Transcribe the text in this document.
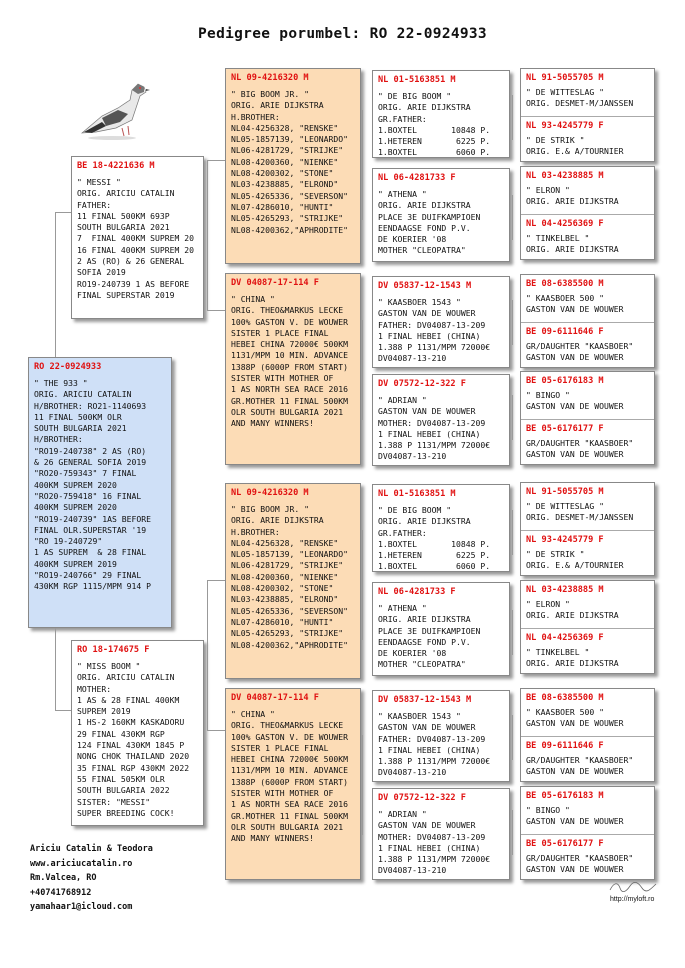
Pedigree porumbel: RO 22-0924933
RO 22-0924933
" THE 933 "
ORIG. ARICIU CATALIN
H/BROTHER: RO21-1140693
11 FINAL 500KM OLR
SOUTH BULGARIA 2021
H/BROTHER:
"RO19-240738" 2 AS (RO)
& 26 GENERAL SOFIA 2019
"RO20-759343" 7 FINAL
400KM SUPREM 2020
"RO20-759418" 16 FINAL
400KM SUPREM 2020
"RO19-240739" 1AS BEFORE
FINAL OLR.SUPERSTAR '19
"RO 19-240729"
1 AS SUPREM  & 28 FINAL
400KM SUPREM 2019
"RO19-240766" 29 FINAL
430KM RGP 1115/MPM 914 P
BE 18-4221636 M
" MESSI "
ORIG. ARICIU CATALIN
FATHER:
11 FINAL 500KM 693P
SOUTH BULGARIA 2021
7  FINAL 400KM SUPREM 20
16 FINAL 400KM SUPREM 20
2 AS (RO) & 26 GENERAL
SOFIA 2019
RO19-240739 1 AS BEFORE
FINAL SUPERSTAR 2019
RO 18-174675 F
" MISS BOOM "
ORIG. ARICIU CATALIN
MOTHER:
1 AS & 28 FINAL 400KM
SUPREM 2019
1 HS-2 160KM KASKADORU
29 FINAL 430KM RGP
124 FINAL 430KM 1845 P
NONG CHOK THAILAND 2020
35 FINAL RGP 430KM 2022
55 FINAL 505KM OLR
SOUTH BULGARIA 2022
SISTER: "MESSI"
SUPER BREEDING COCK!
NL 09-4216320 M
" BIG BOOM JR. "
ORIG. ARIE DIJKSTRA
H.BROTHER:
NL04-4256328, "RENSKE"
NL05-1857139, "LEONARDO"
NL06-4281729, "STRIJKE"
NL08-4200360, "NIENKE"
NL08-4200302, "STONE"
NL03-4238885, "ELROND"
NL05-4265336, "SEVERSON"
NL07-4286010, "HUNTI"
NL05-4265293, "STRIJKE"
NL08-4200362,"APHRODITE"
DV 04087-17-114 F
" CHINA "
ORIG. THEO&MARKUS LECKE
100% GASTON V. DE WOUWER
SISTER 1 PLACE FINAL
HEBEI CHINA 72000€ 500KM
1131/MPM 10 MIN. ADVANCE
1388P (6000P FROM START)
SISTER WITH MOTHER OF
1 AS NORTH SEA RACE 2016
GR.MOTHER 11 FINAL 500KM
OLR SOUTH BULGARIA 2021
AND MANY WINNERS!
NL 09-4216320 M
" BIG BOOM JR. "
ORIG. ARIE DIJKSTRA
H.BROTHER:
NL04-4256328, "RENSKE"
NL05-1857139, "LEONARDO"
NL06-4281729, "STRIJKE"
NL08-4200360, "NIENKE"
NL08-4200302, "STONE"
NL03-4238885, "ELROND"
NL05-4265336, "SEVERSON"
NL07-4286010, "HUNTI"
NL05-4265293, "STRIJKE"
NL08-4200362,"APHRODITE"
DV 04087-17-114 F
" CHINA "
ORIG. THEO&MARKUS LECKE
100% GASTON V. DE WOUWER
SISTER 1 PLACE FINAL
HEBEI CHINA 72000€ 500KM
1131/MPM 10 MIN. ADVANCE
1388P (6000P FROM START)
SISTER WITH MOTHER OF
1 AS NORTH SEA RACE 2016
GR.MOTHER 11 FINAL 500KM
OLR SOUTH BULGARIA 2021
AND MANY WINNERS!
NL 01-5163851 M
" DE BIG BOOM "
ORIG. ARIE DIJKSTRA
GR.FATHER:
1.BOXTEL       10848 P.
1.HETEREN       6225 P.
1.BOXTEL        6060 P.
NL 06-4281733 F
" ATHENA "
ORIG. ARIE DIJKSTRA
PLACE 3E DUIFKAMPIOEN
EENDAAGSE FOND P.V.
DE KOERIER '08
MOTHER "CLEOPATRA"
DV 05837-12-1543 M
" KAASBOER 1543 "
GASTON VAN DE WOUWER
FATHER: DV04087-13-209
1 FINAL HEBEI (CHINA)
1.388 P 1131/MPM 72000€
DV04087-13-210
DV 07572-12-322 F
" ADRIAN "
GASTON VAN DE WOUWER
MOTHER: DV04087-13-209
1 FINAL HEBEI (CHINA)
1.388 P 1131/MPM 72000€
DV04087-13-210
NL 01-5163851 M
" DE BIG BOOM "
ORIG. ARIE DIJKSTRA
GR.FATHER:
1.BOXTEL       10848 P.
1.HETEREN       6225 P.
1.BOXTEL        6060 P.
NL 06-4281733 F
" ATHENA "
ORIG. ARIE DIJKSTRA
PLACE 3E DUIFKAMPIOEN
EENDAAGSE FOND P.V.
DE KOERIER '08
MOTHER "CLEOPATRA"
DV 05837-12-1543 M
" KAASBOER 1543 "
GASTON VAN DE WOUWER
FATHER: DV04087-13-209
1 FINAL HEBEI (CHINA)
1.388 P 1131/MPM 72000€
DV04087-13-210
DV 07572-12-322 F
" ADRIAN "
GASTON VAN DE WOUWER
MOTHER: DV04087-13-209
1 FINAL HEBEI (CHINA)
1.388 P 1131/MPM 72000€
DV04087-13-210
NL 91-5055705 M
" DE WITTESLAG "
ORIG. DESMET-M/JANSSEN
NL 93-4245779 F
" DE STRIK "
ORIG. E.& A/TOURNIER
NL 03-4238885 M
" ELRON "
ORIG. ARIE DIJKSTRA
NL 04-4256369 F
" TINKELBEL "
ORIG. ARIE DIJKSTRA
BE 08-6385500 M
" KAASBOER 500 "
GASTON VAN DE WOUWER
BE 09-6111646 F
GR/DAUGHTER "KAASBOER"
GASTON VAN DE WOUWER
BE 05-6176183 M
" BINGO "
GASTON VAN DE WOUWER
BE 05-6176177 F
GR/DAUGHTER "KAASBOER"
GASTON VAN DE WOUWER
NL 91-5055705 M
" DE WITTESLAG "
ORIG. DESMET-M/JANSSEN
NL 93-4245779 F
" DE STRIK "
ORIG. E.& A/TOURNIER
NL 03-4238885 M
" ELRON "
ORIG. ARIE DIJKSTRA
NL 04-4256369 F
" TINKELBEL "
ORIG. ARIE DIJKSTRA
BE 08-6385500 M
" KAASBOER 500 "
GASTON VAN DE WOUWER
BE 09-6111646 F
GR/DAUGHTER "KAASBOER"
GASTON VAN DE WOUWER
BE 05-6176183 M
" BINGO "
GASTON VAN DE WOUWER
BE 05-6176177 F
GR/DAUGHTER "KAASBOER"
GASTON VAN DE WOUWER
Ariciu Catalin & Teodora
www.ariciucatalin.ro
Rm.Valcea, RO
+40741768912
yamahaar1@icloud.com
http://myloft.ro
